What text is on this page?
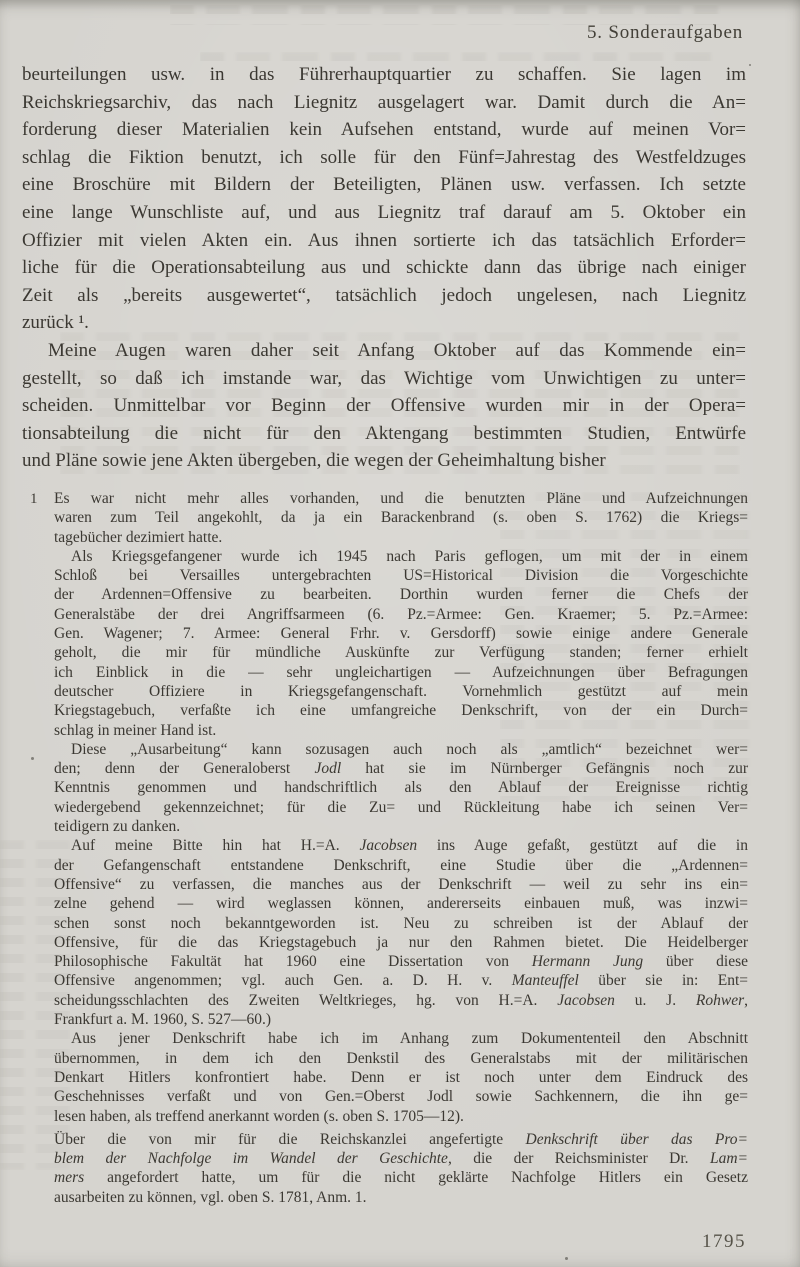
5. Sonderaufgaben
beurteilungen usw. in das Führerhauptquartier zu schaffen. Sie lagen im
Reichskriegsarchiv, das nach Liegnitz ausgelagert war. Damit durch die An=
forderung dieser Materialien kein Aufsehen entstand, wurde auf meinen Vor=
schlag die Fiktion benutzt, ich solle für den Fünf=Jahrestag des Westfeldzuges
eine Broschüre mit Bildern der Beteiligten, Plänen usw. verfassen. Ich setzte
eine lange Wunschliste auf, und aus Liegnitz traf darauf am 5. Oktober ein
Offizier mit vielen Akten ein. Aus ihnen sortierte ich das tatsächlich Erforder=
liche für die Operationsabteilung aus und schickte dann das übrige nach einiger
Zeit als „bereits ausgewertet“, tatsächlich jedoch ungelesen, nach Liegnitz
zurück ¹.
Meine Augen waren daher seit Anfang Oktober auf das Kommende ein=
gestellt, so daß ich imstande war, das Wichtige vom Unwichtigen zu unter=
scheiden. Unmittelbar vor Beginn der Offensive wurden mir in der Opera=
tionsabteilung die nicht für den Aktengang bestimmten Studien, Entwürfe
und Pläne sowie jene Akten übergeben, die wegen der Geheimhaltung bisher
1 Es war nicht mehr alles vorhanden, und die benutzten Pläne und Aufzeichnungen
waren zum Teil angekohlt, da ja ein Barackenbrand (s. oben S. 1762) die Kriegs=
tagebücher dezimiert hatte.
Als Kriegsgefangener wurde ich 1945 nach Paris geflogen, um mit der in einem
Schloß bei Versailles untergebrachten US=Historical Division die Vorgeschichte
der Ardennen=Offensive zu bearbeiten. Dorthin wurden ferner die Chefs der
Generalstäbe der drei Angriffsarmeen (6. Pz.=Armee: Gen. Kraemer; 5. Pz.=Armee:
Gen. Wagener; 7. Armee: General Frhr. v. Gersdorff) sowie einige andere Generale
geholt, die mir für mündliche Auskünfte zur Verfügung standen; ferner erhielt
ich Einblick in die — sehr ungleichartigen — Aufzeichnungen über Befragungen
deutscher Offiziere in Kriegsgefangenschaft. Vornehmlich gestützt auf mein
Kriegstagebuch, verfaßte ich eine umfangreiche Denkschrift, von der ein Durch=
schlag in meiner Hand ist.
Diese „Ausarbeitung“ kann sozusagen auch noch als „amtlich“ bezeichnet wer=
den; denn der Generaloberst Jodl hat sie im Nürnberger Gefängnis noch zur
Kenntnis genommen und handschriftlich als den Ablauf der Ereignisse richtig
wiedergebend gekennzeichnet; für die Zu= und Rückleitung habe ich seinen Ver=
teidigern zu danken.
Auf meine Bitte hin hat H.=A. Jacobsen ins Auge gefaßt, gestützt auf die in
der Gefangenschaft entstandene Denkschrift, eine Studie über die „Ardennen=
Offensive“ zu verfassen, die manches aus der Denkschrift — weil zu sehr ins ein=
zelne gehend — wird weglassen können, andererseits einbauen muß, was inzwi=
schen sonst noch bekanntgeworden ist. Neu zu schreiben ist der Ablauf der
Offensive, für die das Kriegstagebuch ja nur den Rahmen bietet. Die Heidelberger
Philosophische Fakultät hat 1960 eine Dissertation von Hermann Jung über diese
Offensive angenommen; vgl. auch Gen. a. D. H. v. Manteuffel über sie in: Ent=
scheidungsschlachten des Zweiten Weltkrieges, hg. von H.=A. Jacobsen u. J. Rohwer,
Frankfurt a. M. 1960, S. 527—60.)
Aus jener Denkschrift habe ich im Anhang zum Dokumententeil den Abschnitt
übernommen, in dem ich den Denkstil des Generalstabs mit der militärischen
Denkart Hitlers konfrontiert habe. Denn er ist noch unter dem Eindruck des
Geschehnisses verfaßt und von Gen.=Oberst Jodl sowie Sachkennern, die ihn ge=
lesen haben, als treffend anerkannt worden (s. oben S. 1705—12).
Über die von mir für die Reichskanzlei angefertigte Denkschrift über das Pro=
blem der Nachfolge im Wandel der Geschichte, die der Reichsminister Dr. Lam=
mers angefordert hatte, um für die nicht geklärte Nachfolge Hitlers ein Gesetz
ausarbeiten zu können, vgl. oben S. 1781, Anm. 1.
1795
